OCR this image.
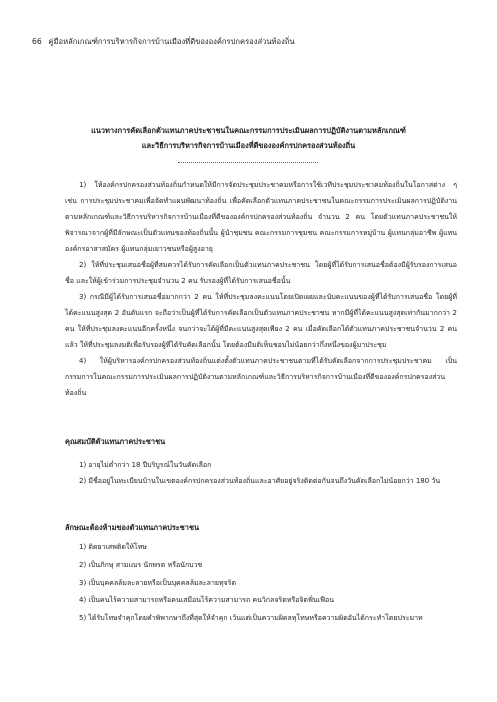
66 คู่มือหลักเกณฑ์การบริหารกิจการบ้านเมืองที่ดีขององค์กรปกครองส่วนท้องถิ่น
แนวทางการคัดเลือกตัวแทนภาคประชาชนในคณะกรรมการประเมินผลการปฏิบัติงานตามหลักเกณฑ์
และวิธีการบริหารกิจการบ้านเมืองที่ดีขององค์กรปกครองส่วนท้องถิ่น

1) ให้องค์กรปกครองส่วนท้องถิ่นกำหนดให้มีการจัดประชุมประชาคมหรือการใช้เวทีประชุมประชาคมท้องถิ่นในโอกาสต่าง ๆ เช่น การประชุมประชาคมเพื่อจัดทำแผนพัฒนาท้องถิ่น เพื่อคัดเลือกตัวแทนภาคประชาชนในคณะกรรมการประเมินผลการปฏิบัติงานตามหลักเกณฑ์และวิธีการบริหารกิจการบ้านเมืองที่ดีขององค์กรปกครองส่วนท้องถิ่น จำนวน 2 คน โดยตัวแทนภาคประชาชนให้พิจารณาจากผู้ที่มีลักษณะเป็นตัวแทนของท้องถิ่นนั้น ผู้นำชุมชน คณะกรรมการชุมชน คณะกรรมการหมู่บ้าน ผู้แทนกลุ่มอาชีพ ผู้แทนองค์กรอาสาสมัคร ผู้แทนกลุ่มเยาวชนหรือผู้สูงอายุ

2) ให้ที่ประชุมเสนอชื่อผู้ที่สมควรได้รับการคัดเลือกเป็นตัวแทนภาคประชาชน โดยผู้ที่ได้รับการเสนอชื่อต้องมีผู้รับรองการเสนอชื่อ และให้ผู้เข้าร่วมการประชุมจำนวน 2 คน รับรองผู้ที่ได้รับการเสนอชื่อนั้น

3) กรณีมีผู้ได้รับการเสนอชื่อมากกว่า 2 คน ให้ที่ประชุมลงคะแนนโดยเปิดเผยและนับคะแนนของผู้ที่ได้รับการเสนอชื่อ โดยผู้ที่ได้คะแนนสูงสุด 2 อันดับแรก จะถือว่าเป็นผู้ที่ได้รับการคัดเลือกเป็นตัวแทนภาคประชาชน หากมีผู้ที่ได้คะแนนสูงสุดเท่ากันมากกว่า 2 คน ให้ที่ประชุมลงคะแนนอีกครั้งหนึ่ง จนกว่าจะได้ผู้ที่มีคะแนนสูงสุดเพียง 2 คน เมื่อคัดเลือกได้ตัวแทนภาคประชาชนจำนวน 2 คนแล้ว ให้ที่ประชุมลงมติเพื่อรับรองผู้ที่ได้รับคัดเลือกนั้น โดยต้องมีมติเห็นชอบไม่น้อยกว่ากึ่งหนึ่งของผู้มาประชุม

4) ให้ผู้บริหารองค์กรปกครองส่วนท้องถิ่นแต่งตั้งตัวแทนภาคประชาชนตามที่ได้รับคัดเลือกจากการประชุมประชาคม เป็นกรรมการในคณะกรรมการประเมินผลการปฏิบัติงานตามหลักเกณฑ์และวิธีการบริหารกิจการบ้านเมืองที่ดีขององค์กรปกครองส่วนท้องถิ่น

คุณสมบัติตัวแทนภาคประชาชน

1) อายุไม่ต่ำกว่า 18 ปีบริบูรณ์ในวันคัดเลือก

2) มีชื่ออยู่ในทะเบียนบ้านในเขตองค์กรปกครองส่วนท้องถิ่นและอาศัยอยู่จริงติดต่อกันจนถึงวันคัดเลือกไม่น้อยกว่า 180 วัน

ลักษณะต้องห้ามของตัวแทนภาคประชาชน
1) ติดยาเสพติดให้โทษ
2) เป็นภิกษุ สามเณร นักพรต หรือนักบวช
3) เป็นบุคคลล้มละลายหรือเป็นบุคคลล้มละลายทุจริต
4) เป็นคนไร้ความสามารถหรือคนเสมือนไร้ความสามารถ คนวิกลจริตหรือจิตฟั่นเฟือน
5) ได้รับโทษจำคุกโดยคำพิพากษาถึงที่สุดให้จำคุก เว้นแต่เป็นความผิดลหุโทษหรือความผิดอันได้กระทำโดยประมาท
